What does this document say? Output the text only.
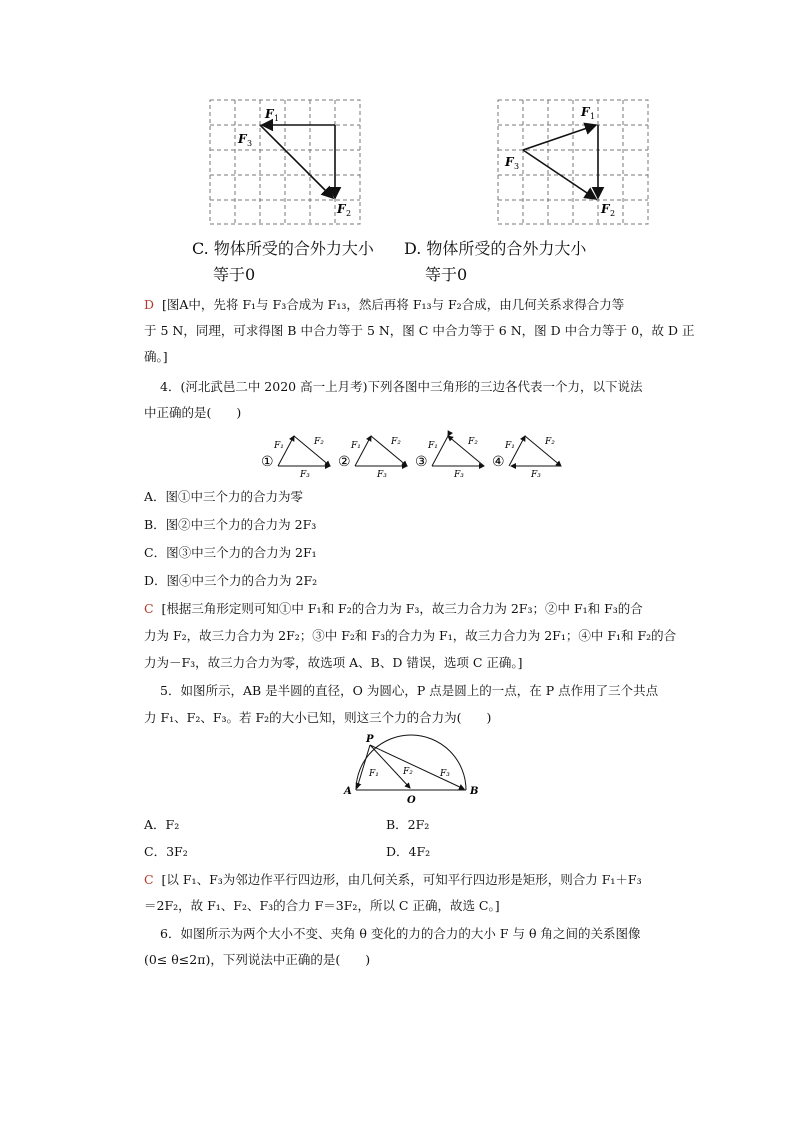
F 1
F 3
F 2
F 1
F 3
F 2
C. 物体所受的合外力大小
等于0
D. 物体所受的合外力大小
等于0
D [图A中，先将 F₁与 F₃合成为 F₁₃，然后再将 F₁₃与 F₂合成，由几何关系求得合力等
于 5 N，同理，可求得图 B 中合力等于 5 N，图 C 中合力等于 6 N，图 D 中合力等于 0，故 D 正
确。]
4．(河北武邑二中 2020 高一上月考)下列各图中三角形的三边各代表一个力，以下说法
中正确的是(　　)
①
F₁	F₂
F₃
②
F₁	F₂
F₃
③
F₁	F₂
F₃
④
F₁	F₂
F₃
A．图①中三个力的合力为零
B．图②中三个力的合力为 2F₃
C．图③中三个力的合力为 2F₁
D．图④中三个力的合力为 2F₂
C [根据三角形定则可知①中 F₁和 F₂的合力为 F₃，故三力合力为 2F₃；②中 F₁和 F₃的合
力为 F₂，故三力合力为 2F₂；③中 F₂和 F₃的合力为 F₁，故三力合力为 2F₁；④中 F₁和 F₂的合
力为－F₃，故三力合力为零，故选项 A、B、D 错误，选项 C 正确。]
5．如图所示，AB 是半圆的直径，O 为圆心，P 点是圆上的一点，在 P 点作用了三个共点
力 F₁、F₂、F₃。若 F₂的大小已知，则这三个力的合力为(　　)
P
A
O
B
F₁	F₂	F₃
A．F₂	B．2F₂
C．3F₂	D．4F₂
C [以 F₁、F₃为邻边作平行四边形，由几何关系，可知平行四边形是矩形，则合力 F₁＋F₃
＝2F₂，故 F₁、F₂、F₃的合力 F＝3F₂，所以 C 正确，故选 C。]
6．如图所示为两个大小不变、夹角 θ 变化的力的合力的大小 F 与 θ 角之间的关系图像
(0≤ θ≤2π)，下列说法中正确的是(　　)
